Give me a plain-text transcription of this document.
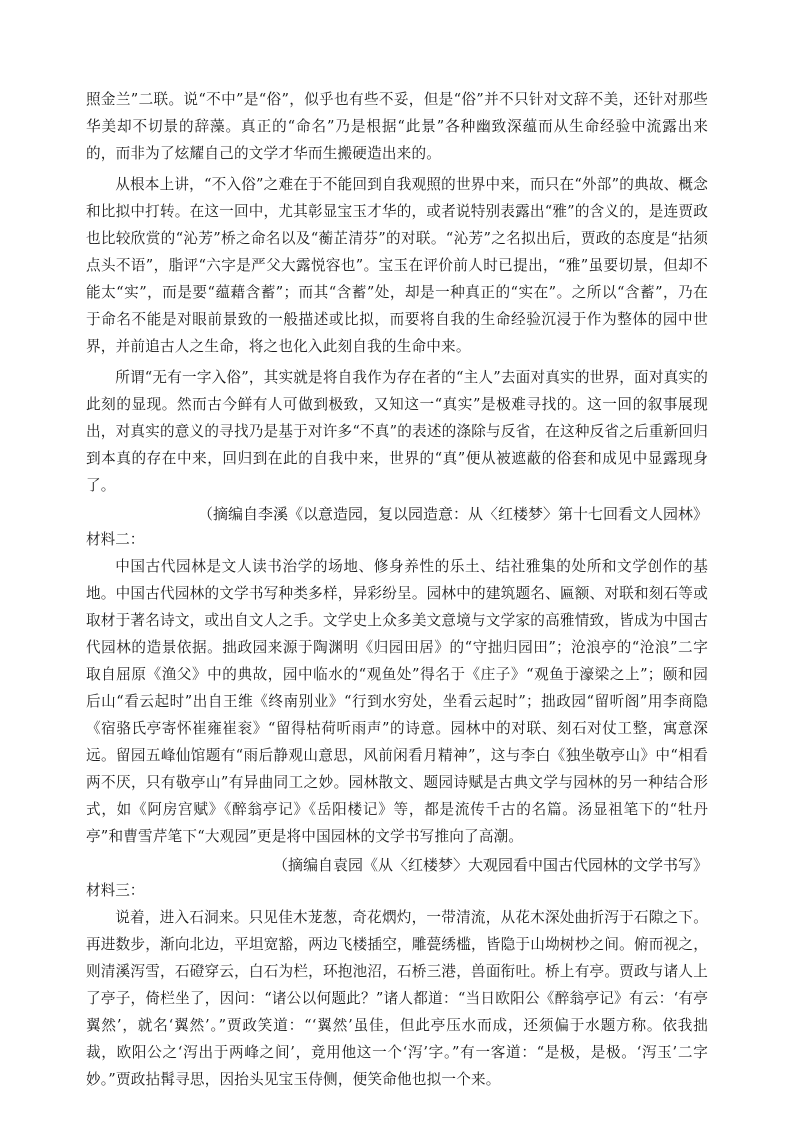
照金兰”二联。说“不中”是“俗”，似乎也有些不妥，但是“俗”并不只针对文辞不美，还针对那些华美却不切景的辞藻。真正的“命名”乃是根据“此景”各种幽致深蕴而从生命经验中流露出来的，而非为了炫耀自己的文学才华而生搬硬造出来的。

从根本上讲，“不入俗”之难在于不能回到自我观照的世界中来，而只在“外部”的典故、概念和比拟中打转。在这一回中，尤其彰显宝玉才华的，或者说特别表露出“雅”的含义的，是连贾政也比较欣赏的“沁芳”桥之命名以及“蘅芷清芬”的对联。“沁芳”之名拟出后，贾政的态度是“拈须点头不语”，脂评“六字是严父大露悦容也”。宝玉在评价前人时已提出，“雅”虽要切景，但却不能太“实”，而是要“蕴藉含蓄”；而其“含蓄”处，却是一种真正的“实在”。之所以“含蓄”，乃在于命名不能是对眼前景致的一般描述或比拟，而要将自我的生命经验沉浸于作为整体的园中世界，并前追古人之生命，将之也化入此刻自我的生命中来。

所谓“无有一字入俗”，其实就是将自我作为存在者的“主人”去面对真实的世界，面对真实的此刻的显现。然而古今鲜有人可做到极致，又知这一“真实”是极难寻找的。这一回的叙事展现出，对真实的意义的寻找乃是基于对许多“不真”的表述的涤除与反省，在这种反省之后重新回归到本真的存在中来，回归到在此的自我中来，世界的“真”便从被遮蔽的俗套和成见中显露现身了。

（摘编自李溪《以意造园，复以园造意：从〈红楼梦〉第十七回看文人园林》

材料二：

中国古代园林是文人读书治学的场地、修身养性的乐土、结社雅集的处所和文学创作的基地。中国古代园林的文学书写种类多样，异彩纷呈。园林中的建筑题名、匾额、对联和刻石等或取材于著名诗文，或出自文人之手。文学史上众多美文意境与文学家的高雅情致，皆成为中国古代园林的造景依据。拙政园来源于陶渊明《归园田居》的“守拙归园田”；沧浪亭的“沧浪”二字取自屈原《渔父》中的典故，园中临水的“观鱼处”得名于《庄子》“观鱼于濠梁之上”；颐和园后山“看云起时”出自王维《终南别业》“行到水穷处，坐看云起时”；拙政园“留听阁”用李商隐《宿骆氏亭寄怀崔雍崔衮》“留得枯荷听雨声”的诗意。园林中的对联、刻石对仗工整，寓意深远。留园五峰仙馆题有“雨后静观山意思，风前闲看月精神”，这与李白《独坐敬亭山》中“相看两不厌，只有敬亭山”有异曲同工之妙。园林散文、题园诗赋是古典文学与园林的另一种结合形式，如《阿房宫赋》《醉翁亭记》《岳阳楼记》等，都是流传千古的名篇。汤显祖笔下的“牡丹亭”和曹雪芹笔下“大观园”更是将中国园林的文学书写推向了高潮。

（摘编自袁园《从〈红楼梦〉大观园看中国古代园林的文学书写》

材料三：

说着，进入石洞来。只见佳木茏葱，奇花熌灼，一带清流，从花木深处曲折泻于石隙之下。再进数步，渐向北边，平坦宽豁，两边飞楼插空，雕甍绣槛，皆隐于山坳树杪之间。俯而视之，则清溪泻雪，石磴穿云，白石为栏，环抱池沼，石桥三港，兽面衔吐。桥上有亭。贾政与诸人上了亭子，倚栏坐了，因问：“诸公以何题此？”诸人都道：“当日欧阳公《醉翁亭记》有云：‘有亭翼然’，就名‘翼然’。”贾政笑道：“‘翼然’虽佳，但此亭压水而成，还须偏于水题方称。依我拙裁，欧阳公之‘泻出于两峰之间’，竟用他这一个‘泻’字。”有一客道：“是极，是极。‘泻玉’二字妙。”贾政拈髯寻思，因抬头见宝玉侍侧，便笑命他也拟一个来。
